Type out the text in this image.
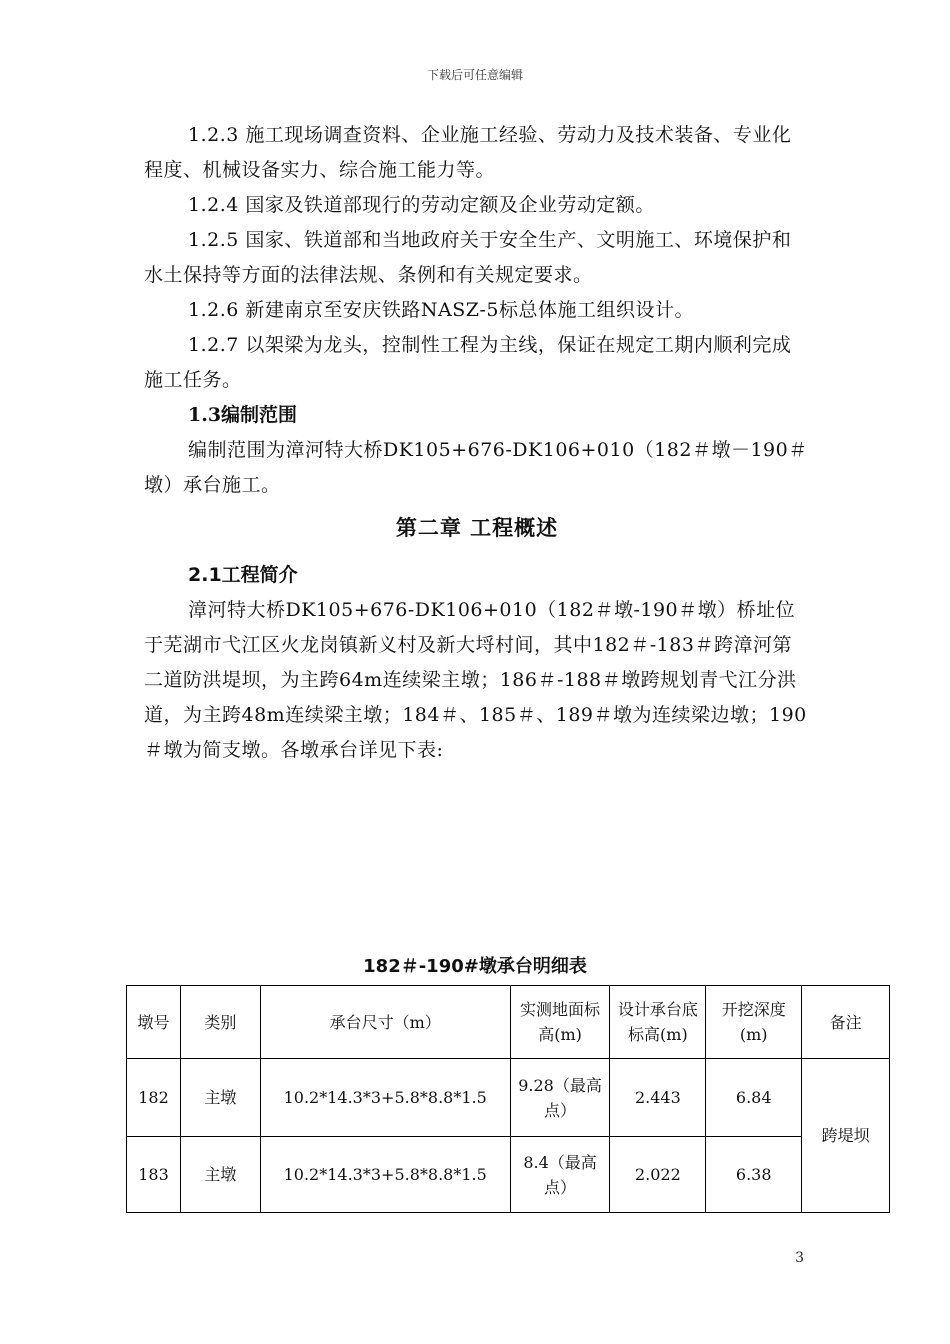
下载后可任意编辑

1.2.3 施工现场调查资料、企业施工经验、劳动力及技术装备、专业化程度、机械设备实力、综合施工能力等。

1.2.4 国家及铁道部现行的劳动定额及企业劳动定额。

1.2.5 国家、铁道部和当地政府关于安全生产、文明施工、环境保护和水土保持等方面的法律法规、条例和有关规定要求。

1.2.6 新建南京至安庆铁路NASZ-5标总体施工组织设计。

1.2.7 以架梁为龙头，控制性工程为主线，保证在规定工期内顺利完成施工任务。

1.3编制范围

编制范围为漳河特大桥DK105+676-DK106+010（182＃墩－190＃墩）承台施工。

第二章 工程概述

2.1工程简介

漳河特大桥DK105+676-DK106+010（182＃墩-190＃墩）桥址位于芜湖市弋江区火龙岗镇新义村及新大埒村间，其中182＃-183＃跨漳河第二道防洪堤坝，为主跨64m连续梁主墩；186＃-188＃墩跨规划青弋江分洪道，为主跨48m连续梁主墩；184＃、185＃、189＃墩为连续梁边墩；190＃墩为简支墩。各墩承台详见下表:

182＃-190#墩承台明细表
墩号	类别	承台尺寸（m）	实测地面标高(m)	设计承台底标高(m)	开挖深度(m)	备注
182	主墩	10.2*14.3*3+5.8*8.8*1.5	9.28（最高点）	2.443	6.84	跨堤坝
183	主墩	10.2*14.3*3+5.8*8.8*1.5	8.4（最高点）	2.022	6.38	
3
